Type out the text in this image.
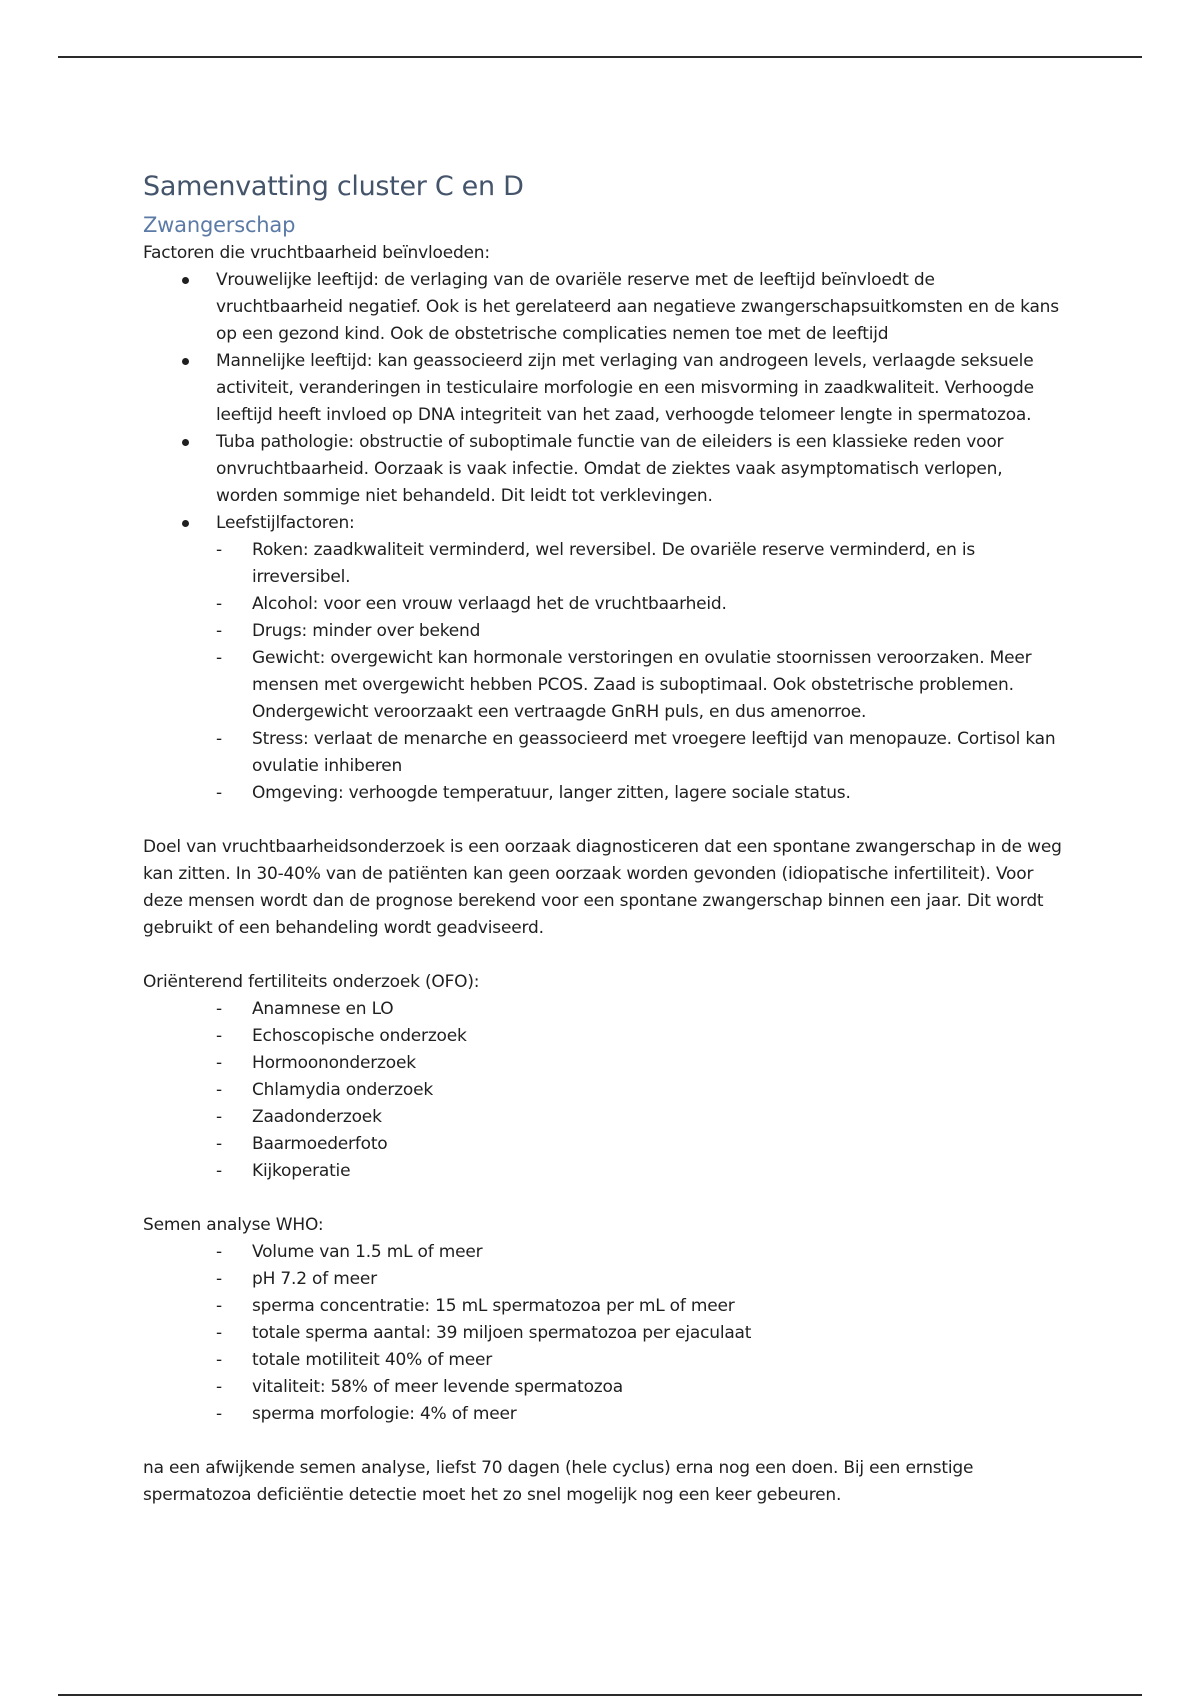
Samenvatting cluster C en D
Zwangerschap

Factoren die vruchtbaarheid beïnvloeden:

Vrouwelijke leeftijd: de verlaging van de ovariële reserve met de leeftijd beïnvloedt de vruchtbaarheid negatief. Ook is het gerelateerd aan negatieve zwangerschapsuitkomsten en de kans op een gezond kind. Ook de obstetrische complicaties nemen toe met de leeftijd
Mannelijke leeftijd: kan geassocieerd zijn met verlaging van androgeen levels, verlaagde seksuele activiteit, veranderingen in testiculaire morfologie en een misvorming in zaadkwaliteit. Verhoogde leeftijd heeft invloed op DNA integriteit van het zaad, verhoogde telomeer lengte in spermatozoa.
Tuba pathologie: obstructie of suboptimale functie van de eileiders is een klassieke reden voor onvruchtbaarheid. Oorzaak is vaak infectie. Omdat de ziektes vaak asymptomatisch verlopen, worden sommige niet behandeld. Dit leidt tot verklevingen.
Leefstijlfactoren:
- Roken: zaadkwaliteit verminderd, wel reversibel. De ovariële reserve verminderd, en is irreversibel.
- Alcohol: voor een vrouw verlaagd het de vruchtbaarheid.
- Drugs: minder over bekend
- Gewicht: overgewicht kan hormonale verstoringen en ovulatie stoornissen veroorzaken. Meer mensen met overgewicht hebben PCOS. Zaad is suboptimaal. Ook obstetrische problemen. Ondergewicht veroorzaakt een vertraagde GnRH puls, en dus amenorroe.
- Stress: verlaat de menarche en geassocieerd met vroegere leeftijd van menopauze. Cortisol kan ovulatie inhiberen
- Omgeving: verhoogde temperatuur, langer zitten, lagere sociale status.

Doel van vruchtbaarheidsonderzoek is een oorzaak diagnosticeren dat een spontane zwangerschap in de weg kan zitten. In 30-40% van de patiënten kan geen oorzaak worden gevonden (idiopatische infertiliteit). Voor deze mensen wordt dan de prognose berekend voor een spontane zwangerschap binnen een jaar. Dit wordt gebruikt of een behandeling wordt geadviseerd.

Oriënterend fertiliteits onderzoek (OFO):

- Anamnese en LO
- Echoscopische onderzoek
- Hormoononderzoek
- Chlamydia onderzoek
- Zaadonderzoek
- Baarmoederfoto
- Kijkoperatie

Semen analyse WHO:

- Volume van 1.5 mL of meer
- pH 7.2 of meer
- sperma concentratie: 15 mL spermatozoa per mL of meer
- totale sperma aantal: 39 miljoen spermatozoa per ejaculaat
- totale motiliteit 40% of meer
- vitaliteit: 58% of meer levende spermatozoa
- sperma morfologie: 4% of meer

na een afwijkende semen analyse, liefst 70 dagen (hele cyclus) erna nog een doen. Bij een ernstige spermatozoa deficiëntie detectie moet het zo snel mogelijk nog een keer gebeuren.
